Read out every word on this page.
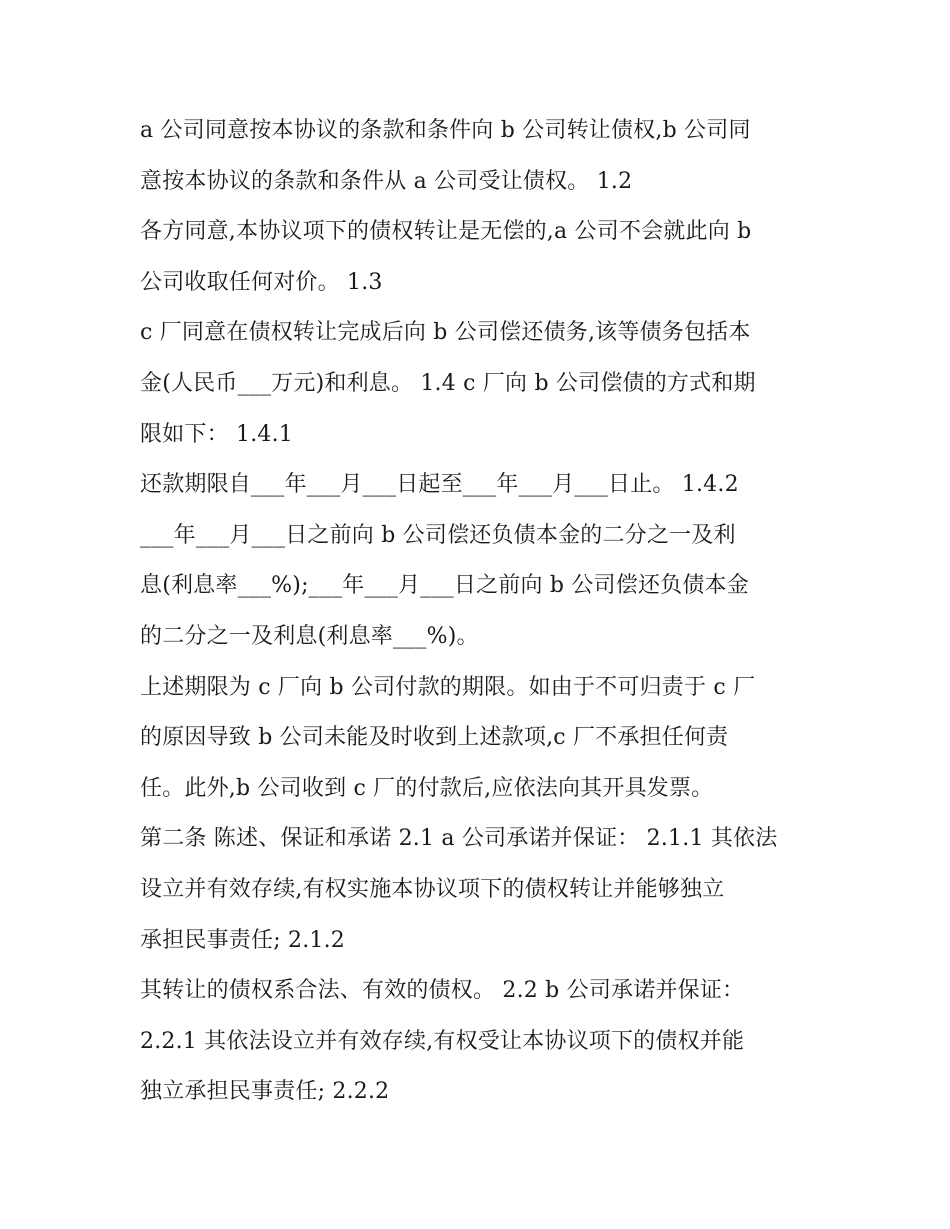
a 公司同意按本协议的条款和条件向 b 公司转让债权,b 公司同
意按本协议的条款和条件从 a 公司受让债权。 1.2
各方同意,本协议项下的债权转让是无偿的,a 公司不会就此向 b
公司收取任何对价。 1.3
c 厂同意在债权转让完成后向 b 公司偿还债务,该等债务包括本
金(人民币___万元)和利息。 1.4 c 厂向 b 公司偿债的方式和期
限如下： 1.4.1
还款期限自___年___月___日起至___年___月___日止。 1.4.2
___年___月___日之前向 b 公司偿还负债本金的二分之一及利
息(利息率___%);___年___月___日之前向 b 公司偿还负债本金
的二分之一及利息(利息率___%)。
上述期限为 c 厂向 b 公司付款的期限。如由于不可归责于 c 厂
的原因导致 b 公司未能及时收到上述款项,c 厂不承担任何责
任。此外,b 公司收到 c 厂的付款后,应依法向其开具发票。
第二条 陈述、保证和承诺 2.1 a 公司承诺并保证： 2.1.1 其依法
设立并有效存续,有权实施本协议项下的债权转让并能够独立
承担民事责任; 2.1.2
其转让的债权系合法、有效的债权。 2.2 b 公司承诺并保证：
2.2.1 其依法设立并有效存续,有权受让本协议项下的债权并能
独立承担民事责任; 2.2.2
